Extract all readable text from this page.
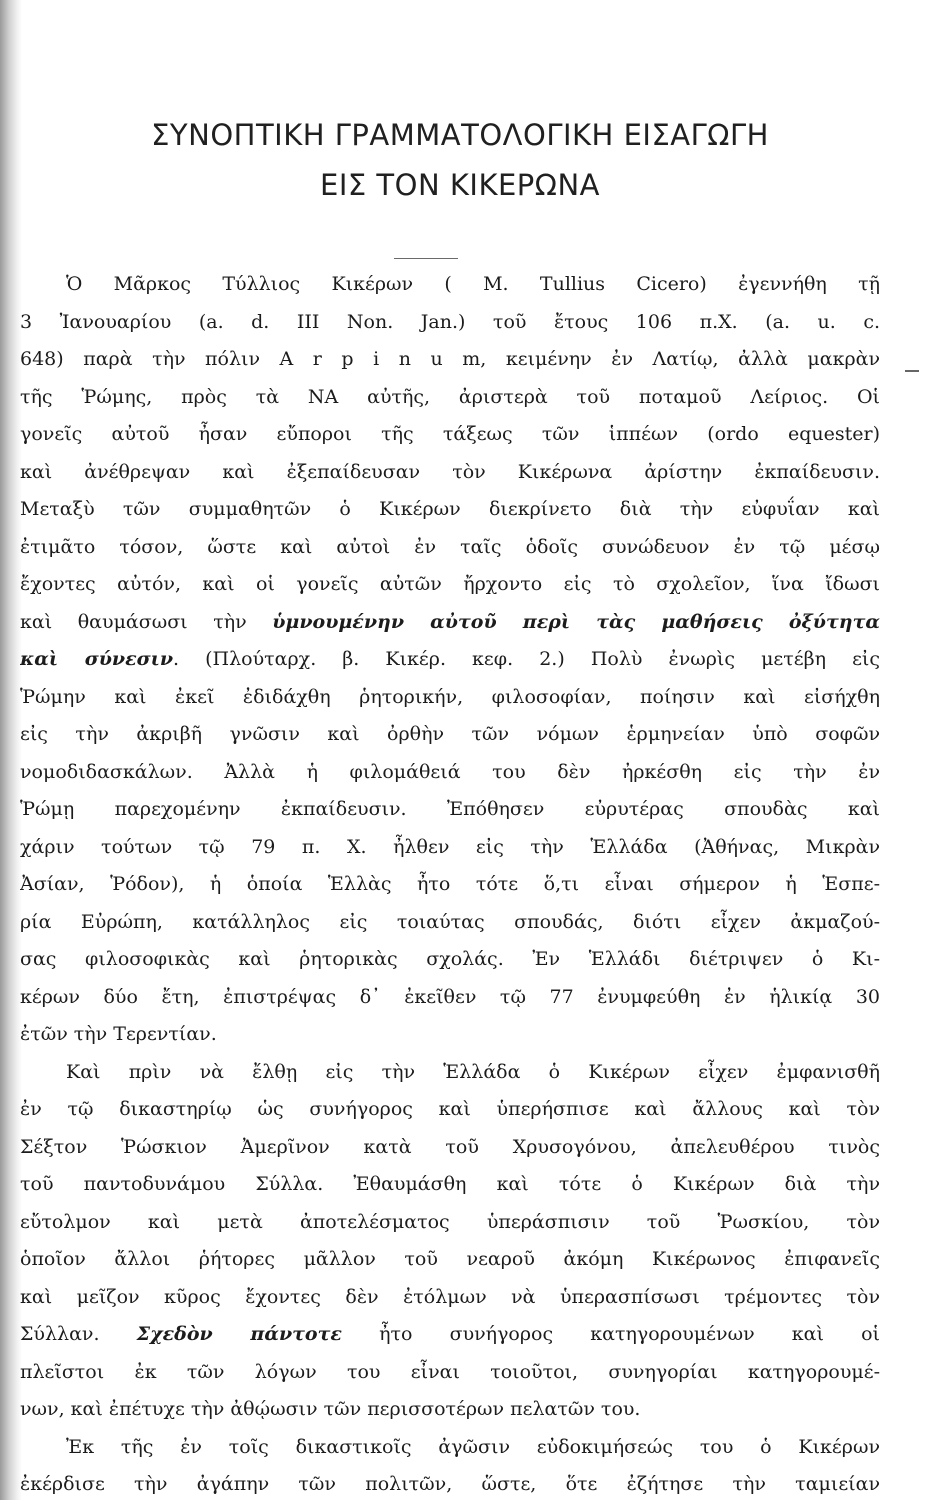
ΣΥΝΟΠΤΙΚΗ ΓΡΑΜΜΑΤΟΛΟΓΙΚΗ ΕΙΣΑΓΩΓΗ
ΕΙΣ ΤΟΝ ΚΙΚΕΡΩΝΑ
Ὁ Μᾶρκος Τύλλιος Κικέρων ( M. Tullius Cicero) ἐγεννήθη τῇ
3 Ἰανουαρίου (a. d. III Non. Jan.) τοῦ ἔτους 106 π.Χ. (a. u. c.
648) παρὰ τὴν πόλιν A r p i n u m, κειμένην ἐν Λατίῳ, ἀλλὰ μακρὰν
τῆς Ῥώμης, πρὸς τὰ ΝΑ αὐτῆς, ἀριστερὰ τοῦ ποταμοῦ Λείριος. Οἱ
γονεῖς αὐτοῦ ἦσαν εὔποροι τῆς τάξεως τῶν ἱππέων (ordo equester)
καὶ ἀνέθρεψαν καὶ ἐξεπαίδευσαν τὸν Κικέρωνα ἀρίστην ἐκπαίδευσιν.
Μεταξὺ τῶν συμμαθητῶν ὁ Κικέρων διεκρίνετο διὰ τὴν εὐφυΐαν καὶ
ἐτιμᾶτο τόσον, ὥστε καὶ αὐτοὶ ἐν ταῖς ὁδοῖς συνώδευον ἐν τῷ μέσῳ
ἔχοντες αὐτόν, καὶ οἱ γονεῖς αὐτῶν ἤρχοντο εἰς τὸ σχολεῖον, ἵνα ἴδωσι
καὶ θαυμάσωσι τὴν ὑμνουμένην αὐτοῦ περὶ τὰς μαθήσεις ὀξύτητα
καὶ σύνεσιν. (Πλούταρχ. β. Κικέρ. κεφ. 2.) Πολὺ ἐνωρὶς μετέβη εἰς
Ῥώμην καὶ ἐκεῖ ἐδιδάχθη ῥητορικήν, φιλοσοφίαν, ποίησιν καὶ εἰσήχθη
εἰς τὴν ἀκριβῆ γνῶσιν καὶ ὀρθὴν τῶν νόμων ἑρμηνείαν ὑπὸ σοφῶν
νομοδιδασκάλων. Ἀλλὰ ἡ φιλομάθειά του δὲν ἠρκέσθη εἰς τὴν ἐν
Ῥώμῃ παρεχομένην ἐκπαίδευσιν. Ἐπόθησεν εὐρυτέρας σπουδὰς καὶ
χάριν τούτων τῷ 79 π. Χ. ἦλθεν εἰς τὴν Ἑλλάδα (Ἀθήνας, Μικρὰν
Ἀσίαν, Ῥόδον), ἡ ὁποία Ἑλλὰς ἦτο τότε ὅ,τι εἶναι σήμερον ἡ Ἑσπε-
ρία Εὐρώπη, κατάλληλος εἰς τοιαύτας σπουδάς, διότι εἶχεν ἀκμαζού-
σας φιλοσοφικὰς καὶ ῥητορικὰς σχολάς. Ἐν Ἑλλάδι διέτριψεν ὁ Κι-
κέρων δύο ἔτη, ἐπιστρέψας δ᾽ ἐκεῖθεν τῷ 77 ἐνυμφεύθη ἐν ἡλικίᾳ 30
ἐτῶν τὴν Τερεντίαν.
Καὶ πρὶν νὰ ἔλθῃ εἰς τὴν Ἑλλάδα ὁ Κικέρων εἶχεν ἐμφανισθῆ
ἐν τῷ δικαστηρίῳ ὡς συνήγορος καὶ ὑπερήσπισε καὶ ἄλλους καὶ τὸν
Σέξτον Ῥώσκιον Ἀμερῖνον κατὰ τοῦ Χρυσογόνου, ἀπελευθέρου τινὸς
τοῦ παντοδυνάμου Σύλλα. Ἐθαυμάσθη καὶ τότε ὁ Κικέρων διὰ τὴν
εὔτολμον καὶ μετὰ ἀποτελέσματος ὑπεράσπισιν τοῦ Ῥωσκίου, τὸν
ὁποῖον ἄλλοι ῥήτορες μᾶλλον τοῦ νεαροῦ ἀκόμη Κικέρωνος ἐπιφανεῖς
καὶ μεῖζον κῦρος ἔχοντες δὲν ἐτόλμων νὰ ὑπερασπίσωσι τρέμοντες τὸν
Σύλλαν. Σχεδὸν πάντοτε ἦτο συνήγορος κατηγορουμένων καὶ οἱ
πλεῖστοι ἐκ τῶν λόγων του εἶναι τοιοῦτοι, συνηγορίαι κατηγορουμέ-
νων, καὶ ἐπέτυχε τὴν ἀθῴωσιν τῶν περισσοτέρων πελατῶν του.
Ἐκ τῆς ἐν τοῖς δικαστικοῖς ἀγῶσιν εὐδοκιμήσεώς του ὁ Κικέρων
ἐκέρδισε τὴν ἀγάπην τῶν πολιτῶν, ὥστε, ὅτε ἐζήτησε τὴν ταμιείαν
